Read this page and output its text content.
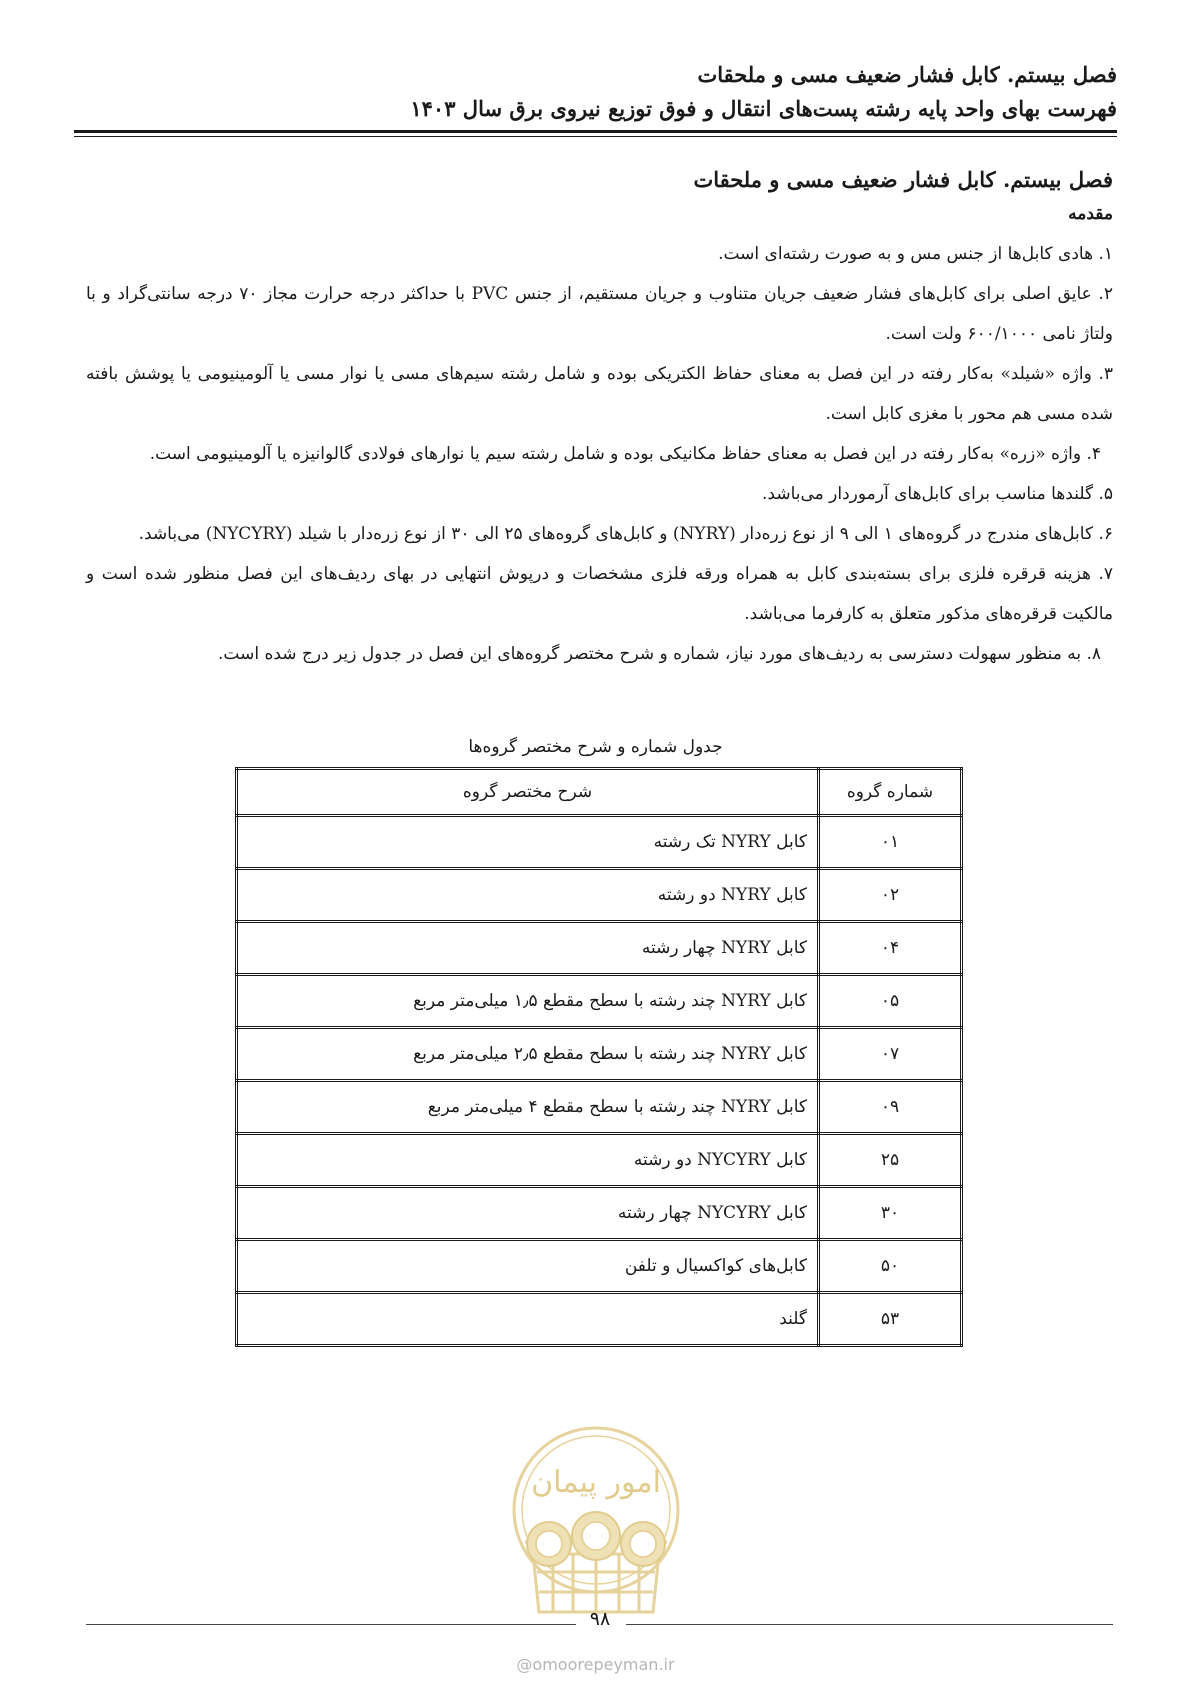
فصل بیستم. کابل فشار ضعیف مسی و ملحقات
فهرست بهای واحد پایه رشته پست‌های انتقال و فوق توزیع نیروی برق سال ۱۴۰۳
فصل بیستم. کابل فشار ضعیف مسی و ملحقات
مقدمه

۱. هادی کابل‌ها از جنس مس و به صورت رشته‌ای است.

۲. عایق اصلی برای کابل‌های فشار ضعیف جریان متناوب و جریان مستقیم، از جنس PVC با حداکثر درجه حرارت مجاز ۷۰ درجه سانتی‌گراد و با ولتاژ نامی ۶۰۰/۱۰۰۰ ولت است.

۳. واژه «شیلد» به‌کار رفته در این فصل به معنای حفاظ الکتریکی بوده و شامل رشته سیم‌های مسی یا نوار مسی یا آلومینیومی یا پوشش بافته شده مسی هم محور با مغزی کابل است.

۴. واژه «زره» به‌کار رفته در این فصل به معنای حفاظ مکانیکی بوده و شامل رشته سیم یا نوارهای فولادی گالوانیزه یا آلومینیومی است.

۵. گلندها مناسب برای کابل‌های آرموردار می‌باشد.

۶. کابل‌های مندرج در گروه‌های ۱ الی ۹ از نوع زره‌دار (NYRY) و کابل‌های گروه‌های ۲۵ الی ۳۰ از نوع زره‌دار با شیلد (NYCYRY) می‌باشد.

۷. هزینه قرقره فلزی برای بسته‌بندی کابل به همراه ورقه فلزی مشخصات و درپوش انتهایی در بهای ردیف‌های این فصل منظور شده است و مالکیت قرقره‌های مذکور متعلق به کارفرما می‌باشد.

۸. به منظور سهولت دسترسی به ردیف‌های مورد نیاز، شماره و شرح مختصر گروه‌های این فصل در جدول زیر درج شده است.

جدول شماره و شرح مختصر گروه‌ها
شماره گروه	شرح مختصر گروه
۰۱	کابل NYRY تک رشته
۰۲	کابل NYRY دو رشته
۰۴	کابل NYRY چهار رشته
۰۵	کابل NYRY چند رشته با سطح مقطع ۱٫۵ میلی‌متر مربع
۰۷	کابل NYRY چند رشته با سطح مقطع ۲٫۵ میلی‌متر مربع
۰۹	کابل NYRY چند رشته با سطح مقطع ۴ میلی‌متر مربع
۲۵	کابل NYCYRY دو رشته
۳۰	کابل NYCYRY چهار رشته
۵۰	کابل‌های کواکسیال و تلفن
۵۳	گلند
امور پیمان
۹۸
@omoorepeyman.ir
